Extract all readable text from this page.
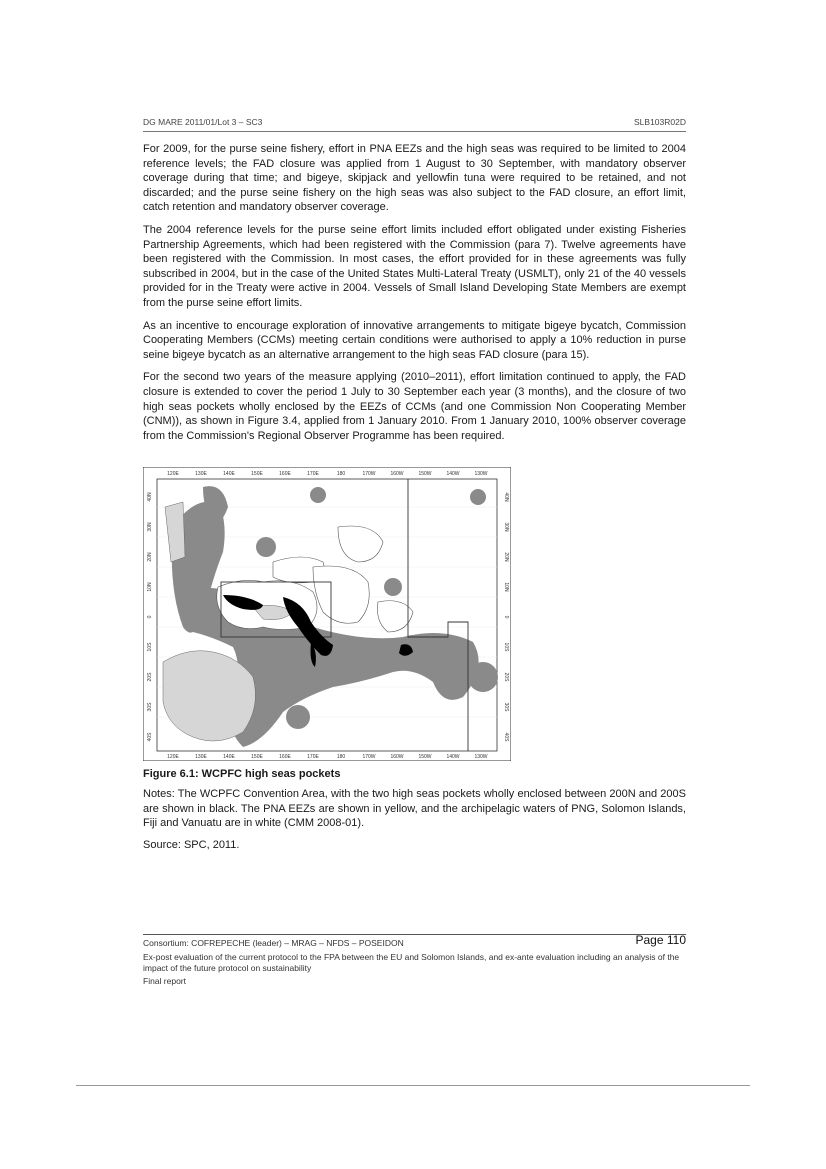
DG MARE 2011/01/Lot 3 – SC3	SLB103R02D

For 2009, for the purse seine fishery, effort in PNA EEZs and the high seas was required to be limited to 2004 reference levels; the FAD closure was applied from 1 August to 30 September, with mandatory observer coverage during that time; and bigeye, skipjack and yellowfin tuna were required to be retained, and not discarded; and the purse seine fishery on the high seas was also subject to the FAD closure, an effort limit, catch retention and mandatory observer coverage.

The 2004 reference levels for the purse seine effort limits included effort obligated under existing Fisheries Partnership Agreements, which had been registered with the Commission (para 7). Twelve agreements have been registered with the Commission. In most cases, the effort provided for in these agreements was fully subscribed in 2004, but in the case of the United States Multi-Lateral Treaty (USMLT), only 21 of the 40 vessels provided for in the Treaty were active in 2004. Vessels of Small Island Developing State Members are exempt from the purse seine effort limits.

As an incentive to encourage exploration of innovative arrangements to mitigate bigeye bycatch, Commission Cooperating Members (CCMs) meeting certain conditions were authorised to apply a 10% reduction in purse seine bigeye bycatch as an alternative arrangement to the high seas FAD closure (para 15).

For the second two years of the measure applying (2010–2011), effort limitation continued to apply, the FAD closure is extended to cover the period 1 July to 30 September each year (3 months), and the closure of two high seas pockets wholly enclosed by the EEZs of CCMs (and one Commission Non Cooperating Member (CNM)), as shown in Figure 3.4, applied from 1 January 2010. From 1 January 2010, 100% observer coverage from the Commission's Regional Observer Programme has been required.

120E	130E	140E	150E	160E	170E	180	170W	160W	150W	140W	130W
120E	130E	140E	150E	160E	170E	180	170W	160W	150W	140W	130W
40N
30N
20N
10N
0
10S
20S
30S
40S
40N
30N
20N
10N
0
10S
20S
30S
40S
Figure 6.1: WCPFC high seas pockets

Notes: The WCPFC Convention Area, with the two high seas pockets wholly enclosed between 200N and 200S are shown in black. The PNA EEZs are shown in yellow, and the archipelagic waters of PNG, Solomon Islands, Fiji and Vanuatu are in white (CMM 2008-01).

Source: SPC, 2011.

Consortium: COFREPECHE (leader) – MRAG – NFDS – POSEIDON	Page 110
Ex-post evaluation of the current protocol to the FPA between the EU and Solomon Islands, and ex-ante evaluation including an analysis of the impact of the future protocol on sustainability
Final report
